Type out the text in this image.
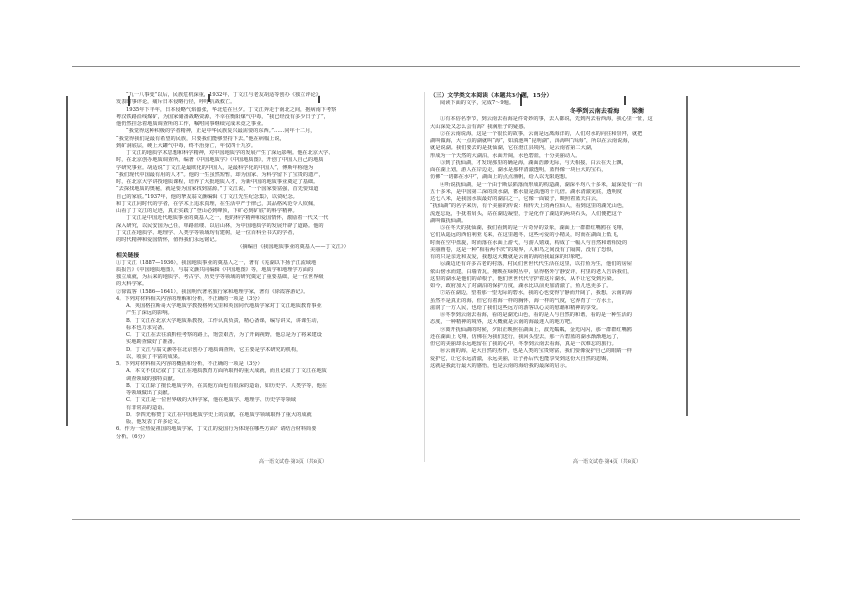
“九一八事变”以后，民族危机深重，1932年，丁文江与老友胡适等创办《独立评论》，
发表时事评论，痛斥日本侵略行径，呼吁抗战救亡。
1935年下半年，日本侵略气焰嚣张，华北危在旦夕。丁文江奔走于南北之间，抱病南下考察
粤汉铁路沿线煤矿，为国家储备战略资源，不幸在衡阳煤气中毒，“我已经没有多少日子了”，
他仍然挂念着地质调查所的工作，嘱咐同事继续完成未竟之事业。
“我觉得这种积极的学者精神，正是中华民族复兴最需要的东西。”……同年十二月，
“我觉得我们是最有希望的民族，只要我们能够坚持下去，”他在病榻上说，
到矿洞底层，硬上大罐气中毒，终不治身亡，年仅四十九岁。
丁文江的地质学术思想和科学精神，对中国地质学的发展产生了深远影响。他在北京大学、
时，在北京创办地质调查所，编著《中国地质学》《中国地质图》，开创了中国人自己的地质
学研究事业。胡适说“丁文江是最欧化的中国人，是最科学化的中国人”，傅斯年称他为
“我们现代中国最有用的人才”。他的一生虽然短暂，却为国家、为科学留下了宝贵的遗产，
时，在北京大学讲授地质课程，培养了大批地质人才，为新中国的地质事业奠定了基础。
“去探找地质的奥秘，就是要为国家找到富源，”丁文江说，“一个国家要富强，首先要知道
自己的家底。”1937年，他的挚友翁文灏编辑《丁文江先生纪念集》，以资纪念。
和丁文江同时代的学者，在学术上追求真理，在生活中严于律己，其品格风范令人钦佩，
山看了丁文江的足迹，真正实践了“登山必到峰顶，下矿必到矿底”的科学精神。
丁文江是中国近代地质事业的奠基人之一，他的科学精神和爱国情怀，激励着一代又一代
深入研究，以民安国为己任，筚路蓝缕、以启山林，为中国地质学的发展开辟了道路。他的
丁文江在地质学、地理学、人类学等领域均有建树，是一位百科全书式的学者，
的时代精神和爱国情怀，值得我们永远铭记。
（摘编自《我国地质事业的奠基人——丁文江》）
相关链接
①丁文江（1887—1936），我国地质事业的奠基人之一，著有《芜湖以下扬子江流域地
质报告》《中国地质地图》，与翁文灏共同编辑《中国地图》等，地质学和地理学方面的
独立成就，为后来的地质学、考古学、历史学等领域的研究奠定了重要基础，是一位世界级
的大科学家。
②徐霞客（1586—1641），我国明代著名旅行家和地理学家，著有《徐霞客游记》。
4．下列对材料相关内容的理解和分析，不正确的一项是（3分）
A．英国格拉斯哥大学地质学教授格列戈里和英国同代地质学家对丁文江地质教育事业
产生了深远的影响。
B．丁文江在北京大学地质系教授，工作认真负责，精心备课，编写讲义，讲课生动，
标本也力求完备。
C．丁文江在去往滇黔桂考察的路上，饱尝艰苦，为了开阔视野，他总是为了将来建设
实地勘查做好了准备。
D．丁文江与翁文灏等在北京创办了地质调查所，它主要是学术研究的机构，
以，收获了丰富的成果。
5．下列对材料相关内容的概括和分析，不正确的一项是（3分）
A．本文不仅记叙了丁文江在地质教育方面所取得的重大成就，而且记叙了丁文江在地质
调查领域的独特贡献。
B．丁文江除了擅长地质学外，在其他方面也有很深的造诣，如历史学、人类学等，他在
等领域做出了贡献。
C．丁文江是一位世界级的大科学家，他在地质学、地理学、历史学等领域
有非常高的造诣。
D．李四光称赞丁文江在中国地质学史上的贡献，在地质学领域取得了重大的成就
版，他发表了许多论文。
6．作为一位热爱祖国的地质学家，丁文江的爱国行为体现在哪些方面？请结合材料简要
分析。（6分）
（三）文学类文本阅读（本题共3小题，15分）
阅读下面的文字，完成7～9题。
冬季到云南去看海　　梁衡
①有本俗名季节，到云南去看海是件奇妙的事，去人都说，先到内去看西海，我心里一怔，这
大山深处又怎么会有海？我满肚子的疑惑。
②在云南说海，这是一个很长的故事，云南是远离海洋的，人们对水的向往和崇拜，就把
湖叫做海，大一点的湖就叫“海”，如滇池叫“昆明湖”，洱海叫“洱海”，所以在云南说海，
就是说湖。我们要去的是抚仙湖，它在澄江县境内，是云南省第二大湖，
形成为一个天然的大湖泊，水面开阔，水色碧蓝，十分美丽动人。
③到了抚仙湖，才发现那里的确是海，湖面浩渺无际，与天相接，白云在天上飘，
面在湖上划，游人在岸边走，湖水是那样清澈透明，蓝得像一块巨大的宝石，
仿佛“一切都在水中”，湖面上的点点渔帆，给人以无限遐想。
④听说抚仙湖，是一个由于断层陷落而形成的构造湖，湖深平均八十多米，最深处有一百
五十多米，是中国第二深的淡水湖，蓄水量是滇池的十几倍。湖水清澈见底，透明度
达七八米，是我国水质最好的湖泊之一，它像一面镜子，映照着蓝天白云，
“抚仙湖”的名字来历，有个美丽的传说：相传天上的两位仙人，看到这里的湖光山色，
流连忘返，手抚着肩头，站在湖边凝望，于是化作了湖边的两块石头，人们便把这个
湖叫做抚仙湖。
⑤在冬天的抚仙湖，我们看到的是一片奇异的景象，湖面上一群群红嘴鸥在飞翔，
它们从遥远的西伯利亚飞来，在这里越冬，这些可爱的小精灵，时而在湖面上低飞，
时而在空中盘旋，时而落在水面上游弋，与游人嬉戏，构成了一幅人与自然和谐相处的
美丽画卷，这是一种“相看两不厌”的境界，人和鸟之间没有了隔阂，没有了恐惧，
有的只是亲近和友爱，我想这大概就是云南的海给我最深的印象吧。
⑥湖边还有许多古老的村落，村民们世世代代生活在这里，以打鱼为生，他们的房屋
依山傍水而建，白墙青瓦，掩映在绿树丛中，显得格外宁静安详，村里的老人告诉我们，
这里的湖水是他们的命根子，他们世世代代守护着这片湖水，从不让它受到污染。
如今，政府加大了对湖泊的保护力度，湖水比以前更加清澈了，鱼儿也更多了。
⑦站在湖边，望着那一望无际的碧水，我的心也变得宁静而开阔了，我想，云南的海
虽然不是真正的海，但它有着海一样的胸怀，海一样的气度，它养育了一方水土，
滋润了一方人民，也给了我们这些远方的游客以心灵的慰藉和精神的享受。
⑧冬季到云南去看海，看的是湖光山色，看的是人与自然的和谐，看的是一种生活的
态度，一种精神的境界，这大概就是云南的海最迷人的地方吧。
⑨离开抚仙湖的时候，夕阳正映照在湖面上，波光粼粼，金光闪闪，那一群群红嘴鸥
还在湖面上飞翔，仿佛在为我们送行，我回头望去，那一片碧蓝的湖水渐渐地远了，
但它的美丽却永远地留在了我的心中，冬季到云南去看海，真是一次难忘的旅行。
⑩云南的海，是大自然的杰作，也是人类的宝贵财富，我们要像爱护自己的眼睛一样
爱护它，让它永远清澈，永远美丽，让子孙后代也能享受到这份大自然的恩赐，
这就是我此行最大的感悟，也是云南的海给我的最深的启示。
高一语文试卷·第3页（共8页）	高一语文试卷·第4页（共8页）
